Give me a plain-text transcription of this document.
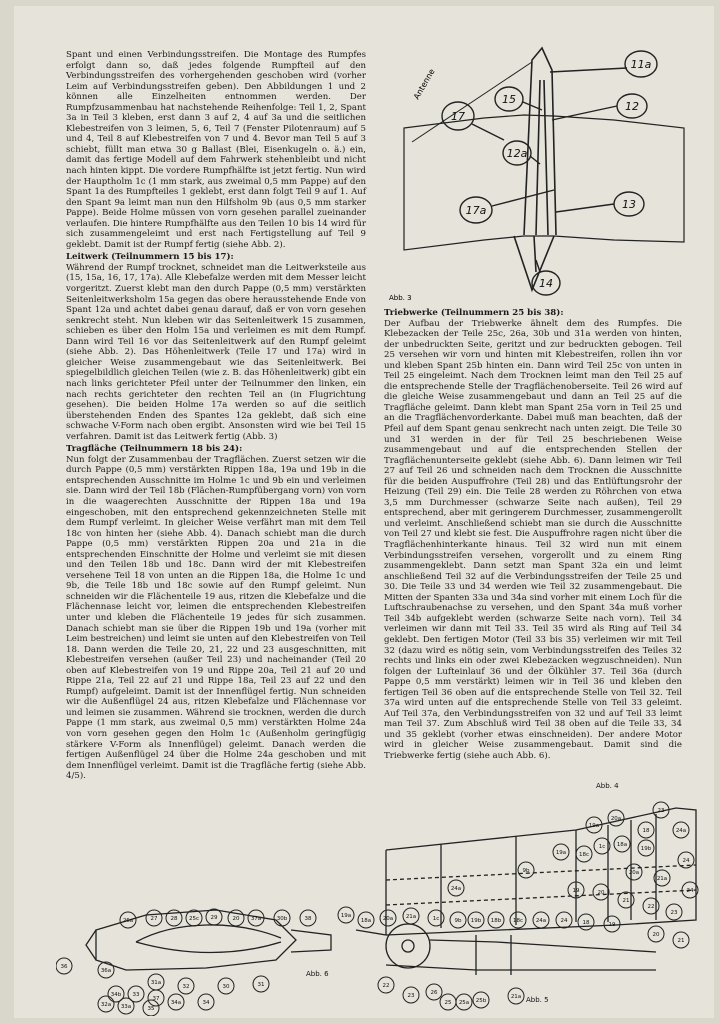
Spant und einen Verbindungsstreifen. Die Montage des Rumpfes erfolgt dann so, daß jedes folgende Rumpfteil auf den Verbindungsstreifen des vorhergehenden geschoben wird (vorher Leim auf Verbindungsstreifen geben). Den Abbildungen 1 und 2 können alle Einzelheiten entnommen werden. Der Rumpfzusammenbau hat nachstehende Reihenfolge: Teil 1, 2, Spant 3a in Teil 3 kleben, erst dann 3 auf 2, 4 auf 3a und die seitlichen Klebestreifen von 3 leimen, 5, 6, Teil 7 (Fenster Pilotenraum) auf 5 und 4, Teil 8 auf Klebestreifen von 7 und 4. Bevor man Teil 5 auf 3 schiebt, füllt man etwa 30 g Ballast (Blei, Eisenkugeln o. ä.) ein, damit das fertige Modell auf dem Fahrwerk stehenbleibt und nicht nach hinten kippt. Die vordere Rumpfhälfte ist jetzt fertig. Nun wird der Hauptholm 1c (1 mm stark, aus zweimal 0,5 mm Pappe) auf den Spant 1a des Rumpfteiles 1 geklebt, erst dann folgt Teil 9 auf 1. Auf den Spant 9a leimt man nun den Hilfsholm 9b (aus 0,5 mm starker Pappe). Beide Holme müssen von vorn gesehen parallel zueinander verlaufen. Die hintere Rumpfhälfte aus den Teilen 10 bis 14 wird für sich zusammengeleimt und erst nach Fertigstellung auf Teil 9 geklebt. Damit ist der Rumpf fertig (siehe Abb. 2).

Leitwerk (Teilnummern 15 bis 17):

Während der Rumpf trocknet, schneidet man die Leitwerksteile aus (15, 15a, 16, 17, 17a). Alle Klebefalze werden mit dem Messer leicht vorgeritzt. Zuerst klebt man den durch Pappe (0,5 mm) verstärkten Seitenleitwerksholm 15a gegen das obere herausstehende Ende von Spant 12a und achtet dabei genau darauf, daß er von vorn gesehen senkrecht steht. Nun kleben wir das Seitenleitwerk 15 zusammen, schieben es über den Holm 15a und verleimen es mit dem Rumpf. Dann wird Teil 16 vor das Seitenleitwerk auf den Rumpf geleimt (siehe Abb. 2). Das Höhenleitwerk (Teile 17 und 17a) wird in gleicher Weise zusammengebaut wie das Seitenleitwerk. Bei spiegelbildlich gleichen Teilen (wie z. B. das Höhenleitwerk) gibt ein nach links gerichteter Pfeil unter der Teilnummer den linken, ein nach rechts gerichteter den rechten Teil an (in Flugrichtung gesehen). Die beiden Holme 17a werden so auf die seitlich überstehenden Enden des Spantes 12a geklebt, daß sich eine schwache V-Form nach oben ergibt. Ansonsten wird wie bei Teil 15 verfahren. Damit ist das Leitwerk fertig (Abb. 3)

Tragfläche (Teilnummern 18 bis 24):

Nun folgt der Zusammenbau der Tragflächen. Zuerst setzen wir die durch Pappe (0,5 mm) verstärkten Rippen 18a, 19a und 19b in die entsprechenden Ausschnitte im Holme 1c und 9b ein und verleimen sie. Dann wird der Teil 18b (Flächen-Rumpfübergang vorn) von vorn in die waagerechten Ausschnitte der Rippen 18a und 19a eingeschoben, mit den entsprechend gekennzeichneten Stelle mit dem Rumpf verleimt. In gleicher Weise verfährt man mit dem Teil 18c von hinten her (siehe Abb. 4). Danach schiebt man die durch Pappe (0,5 mm) verstärkten Rippen 20a und 21a in die entsprechenden Einschnitte der Holme und verleimt sie mit diesen und den Teilen 18b und 18c. Dann wird der mit Klebestreifen versehene Teil 18 von unten an die Rippen 18a, die Holme 1c und 9b, die Teile 18b und 18c sowie auf den Rumpf geleimt. Nun schneiden wir die Flächenteile 19 aus, ritzen die Klebefalze und die Flächennase leicht vor, leimen die entsprechenden Klebestreifen unter und kleben die Flächenteile 19 jedes für sich zusammen. Danach schiebt man sie über die Rippen 19b und 19a (vorher mit Leim bestreichen) und leimt sie unten auf den Klebestreifen von Teil 18. Dann werden die Teile 20, 21, 22 und 23 ausgeschnitten, mit Klebestreifen versehen (außer Teil 23) und nacheinander (Teil 20 oben auf Klebestreifen von 19 und Rippe 20a, Teil 21 auf 20 und Rippe 21a, Teil 22 auf 21 und Rippe 18a, Teil 23 auf 22 und den Rumpf) aufgeleimt. Damit ist der Innenflügel fertig. Nun schneiden wir die Außenflügel 24 aus, ritzen Klebefalze und Flächennase vor und leimen sie zusammen. Während sie trocknen, werden die durch Pappe (1 mm stark, aus zweimal 0,5 mm) verstärkten Holme 24a von vorn gesehen gegen den Holm 1c (Außenholm geringfügig stärkere V-Form als Innenflügel) geleimt. Danach werden die fertigen Außenflügel 24 über die Holme 24a geschoben und mit dem Innenflügel verleimt. Damit ist die Tragfläche fertig (siehe Abb. 4/5).

Triebwerke (Teilnummern 25 bis 38):

Der Aufbau der Triebwerke ähnelt dem des Rumpfes. Die Klebezacken der Teile 25c, 26a, 30b und 31a werden von hinten, der unbedruckten Seite, geritzt und zur bedruckten gebogen. Teil 25 versehen wir vorn und hinten mit Klebestreifen, rollen ihn vor und kleben Spant 25b hinten ein. Dann wird Teil 25c von unten in Teil 25 eingeleimt. Nach dem Trocknen leimt man den Teil 25 auf die entsprechende Stelle der Tragflächenoberseite. Teil 26 wird auf die gleiche Weise zusammengebaut und dann an Teil 25 auf die Tragfläche geleimt. Dann klebt man Spant 25a vorn in Teil 25 und an die Tragflächenvorderkante. Dabei muß man beachten, daß der Pfeil auf dem Spant genau senkrecht nach unten zeigt. Die Teile 30 und 31 werden in der für Teil 25 beschriebenen Weise zusammengebaut und auf die entsprechenden Stellen der Tragflächenunterseite geklebt (siehe Abb. 6). Dann leimen wir Teil 27 auf Teil 26 und schneiden nach dem Trocknen die Ausschnitte für die beiden Auspuffrohre (Teil 28) und das Entlüftungsrohr der Heizung (Teil 29) ein. Die Teile 28 werden zu Röhrchen von etwa 3,5 mm Durchmesser (schwarze Seite nach außen), Teil 29 entsprechend, aber mit geringerem Durchmesser, zusammengerollt und verleimt. Anschließend schiebt man sie durch die Ausschnitte von Teil 27 und klebt sie fest. Die Auspuffrohre ragen nicht über die Tragflächenhinterkante hinaus. Teil 32 wird nun mit einem Verbindungsstreifen versehen, vorgerollt und zu einem Ring zusammengeklebt. Dann setzt man Spant 32a ein und leimt anschließend Teil 32 auf die Verbindungsstreifen der Teile 25 und 30. Die Teile 33 und 34 werden wie Teil 32 zusammengebaut. Die Mitten der Spanten 33a und 34a sind vorher mit einem Loch für die Luftschraubenachse zu versehen, und den Spant 34a muß vorher Teil 34b aufgeklebt werden (schwarze Seite nach vorn). Teil 34 verleimen wir dann mit Teil 33. Teil 35 wird als Ring auf Teil 34 geklebt. Den fertigen Motor (Teil 33 bis 35) verleimen wir mit Teil 32 (dazu wird es nötig sein, vom Verbindungsstreifen des Teiles 32 rechts und links ein oder zwei Klebezacken wegzuschneiden). Nun folgen der Lufteinlauf 36 und der Ölkühler 37. Teil 36a (durch Pappe 0,5 mm verstärkt) leimen wir in Teil 36 und kleben den fertigen Teil 36 oben auf die entsprechende Stelle von Teil 32. Teil 37a wird unten auf die entsprechende Stelle von Teil 33 geleimt. Auf Teil 37a, den Verbindungsstreifen von 32 und auf Teil 33 leimt man Teil 37. Zum Abschluß wird Teil 38 oben auf die Teile 33, 34 und 35 geklebt (vorher etwas einschneiden). Der andere Motor wird in gleicher Weise zusammengebaut. Damit sind die Triebwerke fertig (siehe auch Abb. 6).

Antenne
11a
15
12
17
12a
13
17a
14
Abb. 3
26a	27 28 25c 29	20 37a	30b	38
36
36a
31a
32	30	31
34b 33
37
32a 33a	35
34a	34
19a
18a 20a 21a	1c	9b 19b 18b 18c 24a	24	18	19
20
21
22
23	26
25 25a 25b
21a
19a 18c
1c 18a
19b
20a
21a
24a
9b
19	20
21
22
23
24
23
18	24a
24
20a
19a
Abb. 4
Abb. 5
Abb. 6
